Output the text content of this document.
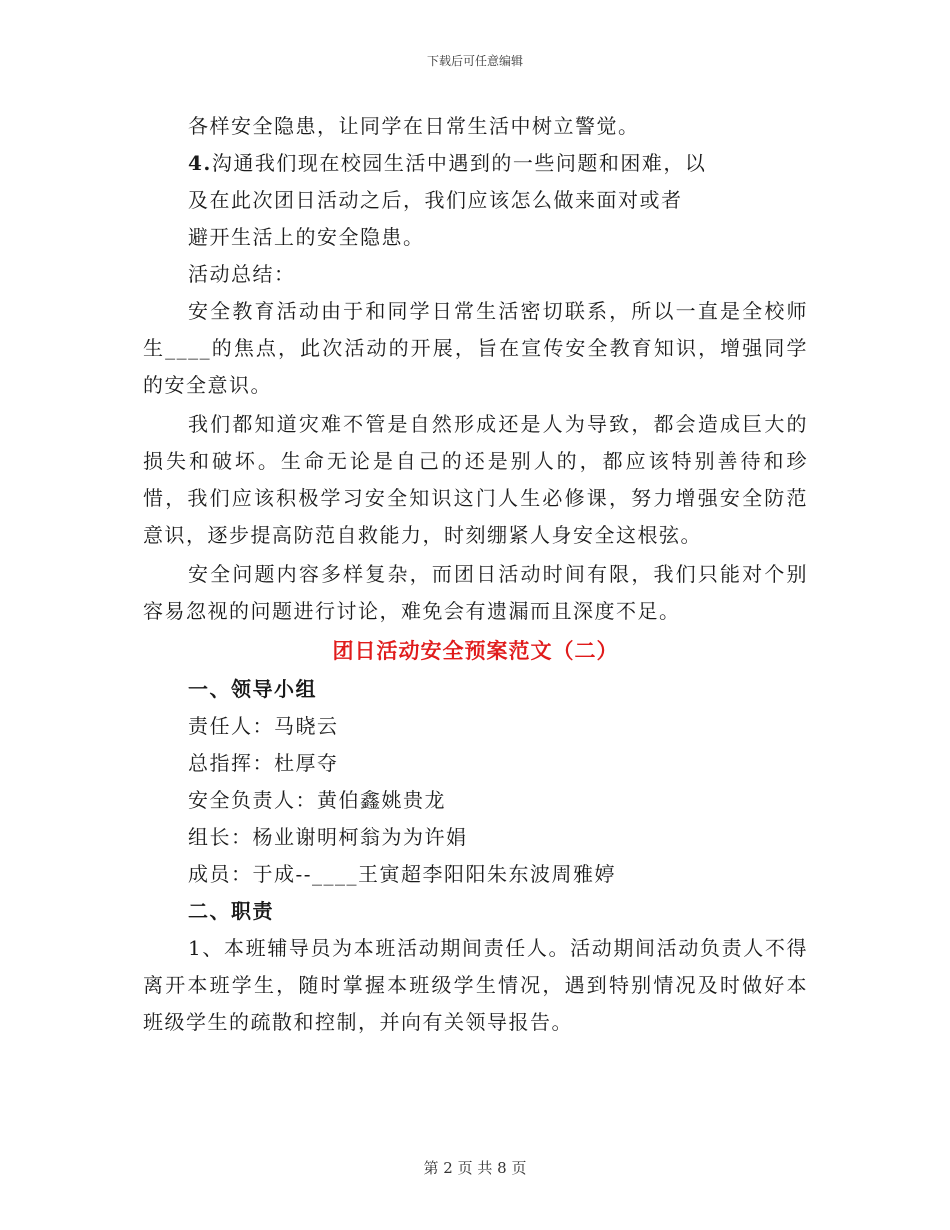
下载后可任意编辑
各样安全隐患，让同学在日常生活中树立警觉。
4.沟通我们现在校园生活中遇到的一些问题和困难，以
及在此次团日活动之后，我们应该怎么做来面对或者
避开生活上的安全隐患。
活动总结：

安全教育活动由于和同学日常生活密切联系，所以一直是全校师生____的焦点，此次活动的开展，旨在宣传安全教育知识，增强同学的安全意识。

我们都知道灾难不管是自然形成还是人为导致，都会造成巨大的损失和破坏。生命无论是自己的还是别人的，都应该特别善待和珍惜，我们应该积极学习安全知识这门人生必修课，努力增强安全防范意识，逐步提高防范自救能力，时刻绷紧人身安全这根弦。

安全问题内容多样复杂，而团日活动时间有限，我们只能对个别容易忽视的问题进行讨论，难免会有遗漏而且深度不足。

团日活动安全预案范文（二）
一、领导小组
责任人：马晓云
总指挥：杜厚夺
安全负责人：黄伯鑫姚贵龙
组长：杨业谢明柯翁为为许娟
成员：于成--____王寅超李阳阳朱东波周雅婷
二、职责

1、本班辅导员为本班活动期间责任人。活动期间活动负责人不得离开本班学生，随时掌握本班级学生情况，遇到特别情况及时做好本班级学生的疏散和控制，并向有关领导报告。

第 2 页 共 8 页
